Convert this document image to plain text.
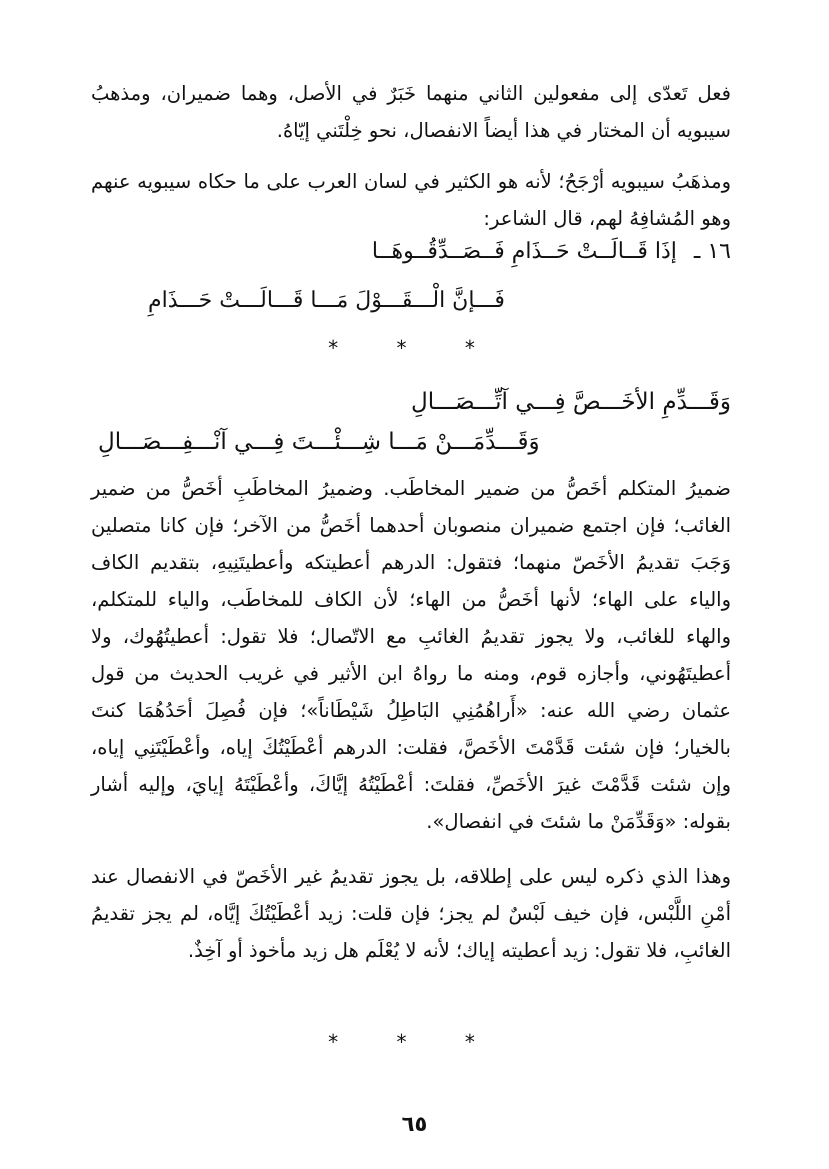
فعل تَعدّى إلى مفعولين الثاني منهما خَبَرٌ في الأصل، وهما ضميران، ومذهبُ سيبويه أن المختار في هذا أيضاً الانفصال، نحو خِلْتَني إيّاهُ.

ومذهَبُ سيبويه أرْجَحُ؛ لأنه هو الكثير في لسان العرب على ما حكاه سيبويه عنهم وهو المُشافِهُ لهم، قال الشاعر:

١٦ ـ إذَا قَــالَــتْ حَــذَامِ فَــصَــدِّقُــوهَــا
فَـــإنَّ الْـــقَـــوْلَ مَـــا قَـــالَـــتْ حَـــذَامِ
* * *
وَقَـــدِّمِ الأخَـــصَّ فِـــي آتِّـــصَـــالِ
وَقَـــدِّمَـــنْ مَـــا شِـــئْـــتَ فِـــي آنْـــفِـــصَـــالِ

ضميرُ المتكلم أخَصُّ من ضمير المخاطَب. وضميرُ المخاطَبِ أخَصُّ من ضمير الغائب؛ فإن اجتمع ضميران منصوبان أحدهما أخَصُّ من الآخر؛ فإن كانا متصلين وَجَبَ تقديمُ الأخَصّ منهما؛ فتقول: الدرهم أعطيتكه وأعطيتَنِيهِ، بتقديم الكاف والياء على الهاء؛ لأنها أخَصُّ من الهاء؛ لأن الكاف للمخاطَب، والياء للمتكلم، والهاء للغائب، ولا يجوز تقديمُ الغائبِ مع الاتّصال؛ فلا تقول: أعطيتُهُوك، ولا أعطيتَهُوني، وأجازه قوم، ومنه ما رواهُ ابن الأثير في غريب الحديث من قول عثمان رضي الله عنه: «أَراهُمُنِي البَاطِلُ شَيْطَاناً»؛ فإن فُصِلَ أحَدُهُمَا كنتَ بالخيار؛ فإن شئت قَدَّمْتَ الأخَصَّ، فقلت: الدرهم أعْطَيْتُكَ إياه، وأعْطَيْتَنِي إياه، وإن شئت قَدَّمْتَ غيرَ الأخَصِّ، فقلتَ: أعْطَيْتُهُ إيَّاكَ، وأعْطَيْتَهُ إيايَ، وإليه أشار بقوله: «وَقَدِّمَنْ ما شئتَ في انفصال».

وهذا الذي ذكره ليس على إطلاقه، بل يجوز تقديمُ غير الأخَصّ في الانفصال عند أمْنِ اللَّبْس، فإن خيف لَبْسٌ لم يجز؛ فإن قلت: زيد أعْطَيْتُكَ إيَّاه، لم يجز تقديمُ الغائبِ، فلا تقول: زيد أعطيته إياك؛ لأنه لا يُعْلَم هل زيد مأخوذ أو آخِذٌ.

* * *
٦٥
